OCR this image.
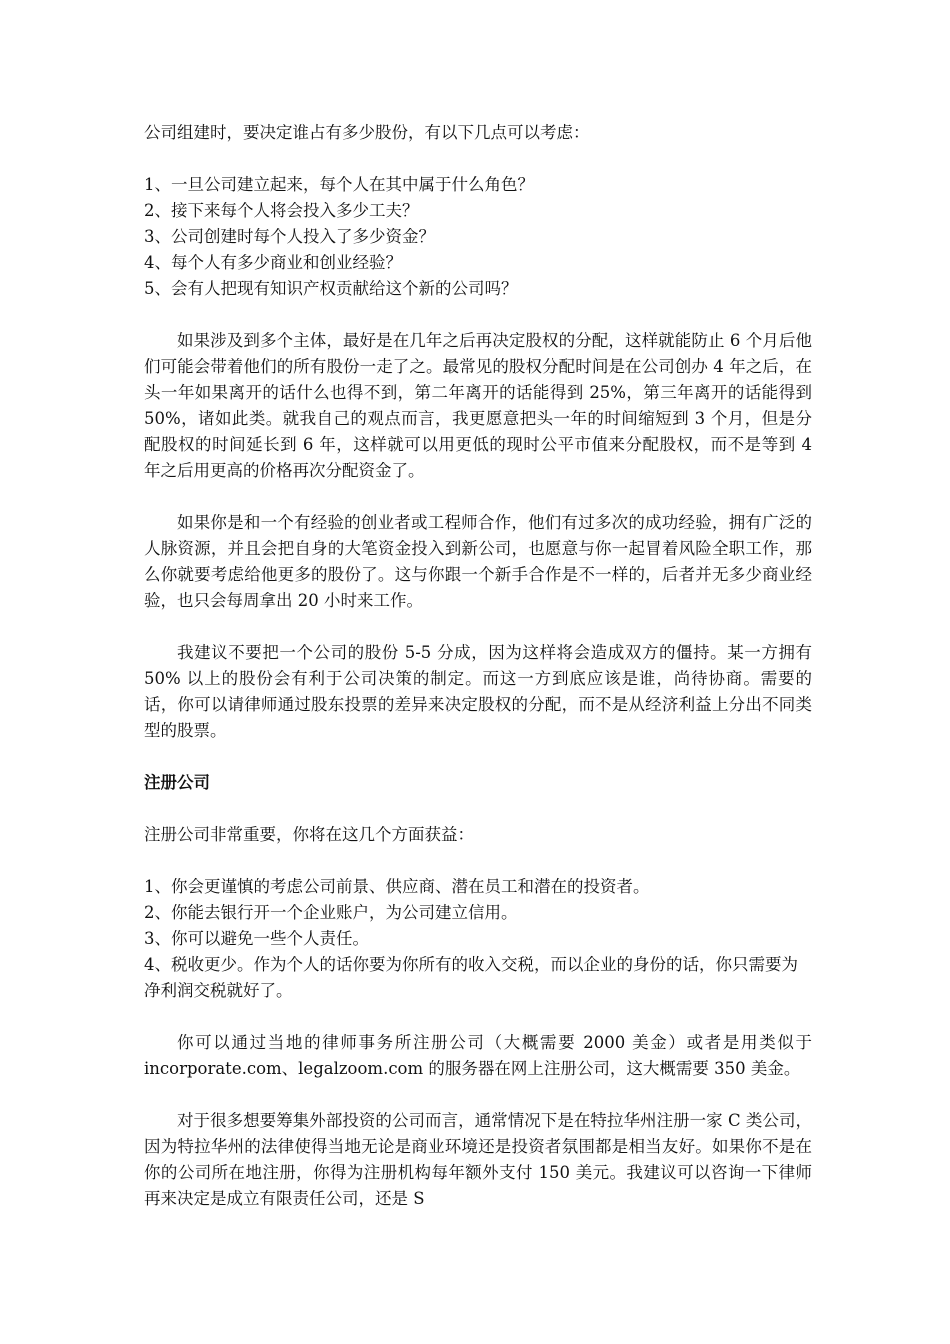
公司组建时，要决定谁占有多少股份，有以下几点可以考虑：

1、一旦公司建立起来，每个人在其中属于什么角色？
2、接下来每个人将会投入多少工夫？
3、公司创建时每个人投入了多少资金？
4、每个人有多少商业和创业经验？
5、会有人把现有知识产权贡献给这个新的公司吗？

如果涉及到多个主体，最好是在几年之后再决定股权的分配，这样就能防止 6 个月后他们可能会带着他们的所有股份一走了之。最常见的股权分配时间是在公司创办 4 年之后，在头一年如果离开的话什么也得不到，第二年离开的话能得到 25%，第三年离开的话能得到 50%，诸如此类。就我自己的观点而言，我更愿意把头一年的时间缩短到 3 个月，但是分配股权的时间延长到 6 年，这样就可以用更低的现时公平市值来分配股权，而不是等到 4 年之后用更高的价格再次分配资金了。

如果你是和一个有经验的创业者或工程师合作，他们有过多次的成功经验，拥有广泛的人脉资源，并且会把自身的大笔资金投入到新公司，也愿意与你一起冒着风险全职工作，那么你就要考虑给他更多的股份了。这与你跟一个新手合作是不一样的，后者并无多少商业经验，也只会每周拿出 20 小时来工作。

我建议不要把一个公司的股份 5-5 分成，因为这样将会造成双方的僵持。某一方拥有 50% 以上的股份会有利于公司决策的制定。而这一方到底应该是谁，尚待协商。需要的话，你可以请律师通过股东投票的差异来决定股权的分配，而不是从经济利益上分出不同类型的股票。

注册公司

注册公司非常重要，你将在这几个方面获益：

1、你会更谨慎的考虑公司前景、供应商、潜在员工和潜在的投资者。
2、你能去银行开一个企业账户，为公司建立信用。
3、你可以避免一些个人责任。
4、税收更少。作为个人的话你要为你所有的收入交税，而以企业的身份的话，你只需要为净利润交税就好了。

你可以通过当地的律师事务所注册公司（大概需要 2000 美金）或者是用类似于 incorporate.com、legalzoom.com 的服务器在网上注册公司，这大概需要 350 美金。

对于很多想要筹集外部投资的公司而言，通常情况下是在特拉华州注册一家 C 类公司，因为特拉华州的法律使得当地无论是商业环境还是投资者氛围都是相当友好。如果你不是在你的公司所在地注册，你得为注册机构每年额外支付 150 美元。我建议可以咨询一下律师再来决定是成立有限责任公司，还是 S
